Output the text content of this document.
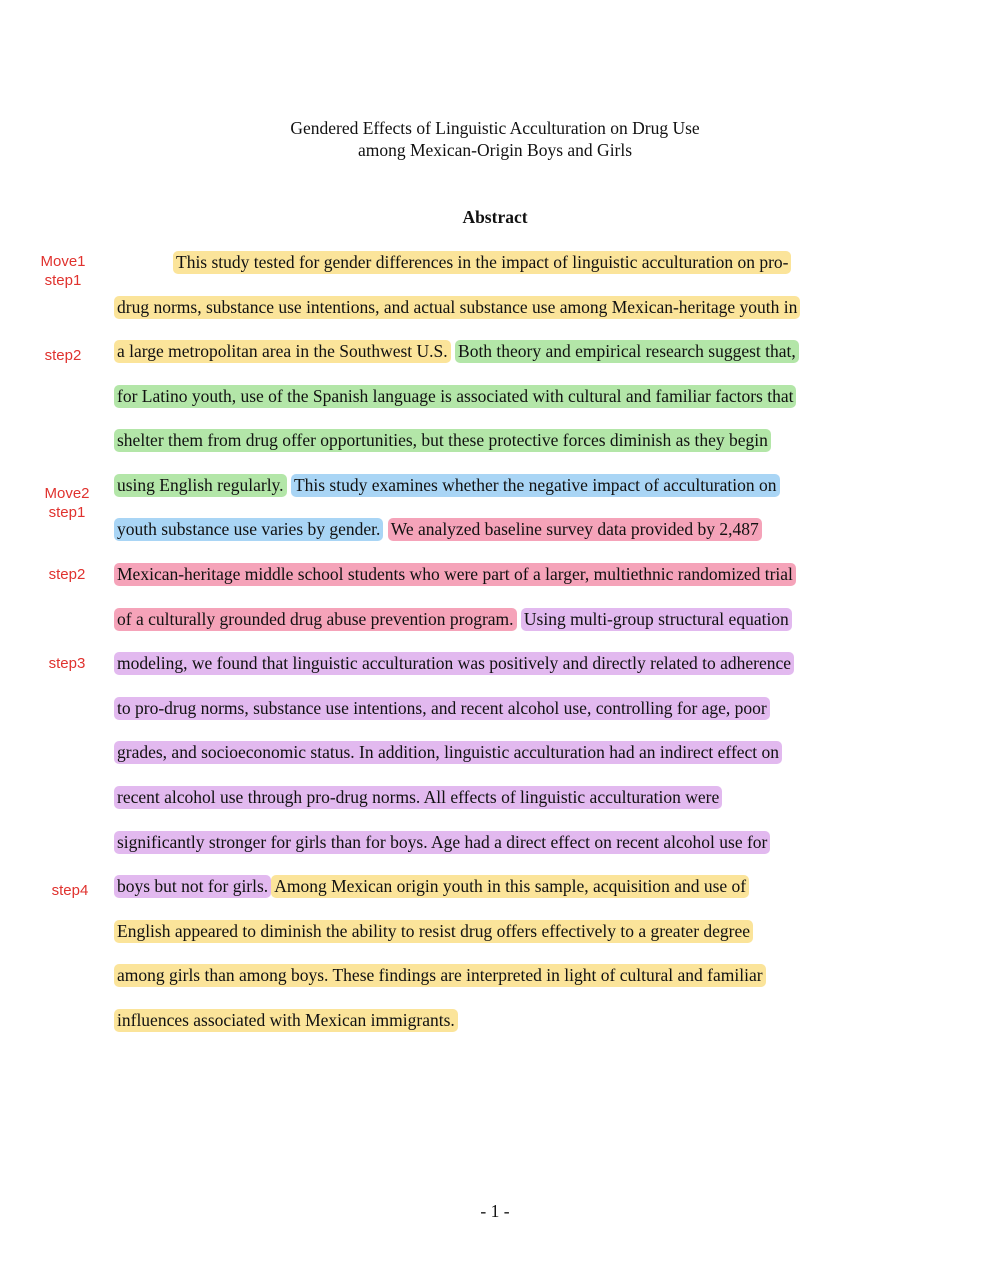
Gendered Effects of Linguistic Acculturation on Drug Use
among Mexican-Origin Boys and Girls
Abstract
Move1
step1
step2
Move2
step1
step2
step3
step4
This study tested for gender differences in the impact of linguistic acculturation on pro-
drug norms, substance use intentions, and actual substance use among Mexican-heritage youth in
a large metropolitan area in the Southwest U.S. Both theory and empirical research suggest that,
for Latino youth, use of the Spanish language is associated with cultural and familiar factors that
shelter them from drug offer opportunities, but these protective forces diminish as they begin
using English regularly. This study examines whether the negative impact of acculturation on
youth substance use varies by gender. We analyzed baseline survey data provided by 2,487
Mexican-heritage middle school students who were part of a larger, multiethnic randomized trial
of a culturally grounded drug abuse prevention program. Using multi-group structural equation
modeling, we found that linguistic acculturation was positively and directly related to adherence
to pro-drug norms, substance use intentions, and recent alcohol use, controlling for age, poor
grades, and socioeconomic status. In addition, linguistic acculturation had an indirect effect on
recent alcohol use through pro-drug norms. All effects of linguistic acculturation were
significantly stronger for girls than for boys. Age had a direct effect on recent alcohol use for
boys but not for girls. Among Mexican origin youth in this sample, acquisition and use of
English appeared to diminish the ability to resist drug offers effectively to a greater degree
among girls than among boys. These findings are interpreted in light of cultural and familiar
influences associated with Mexican immigrants.
- 1 -
